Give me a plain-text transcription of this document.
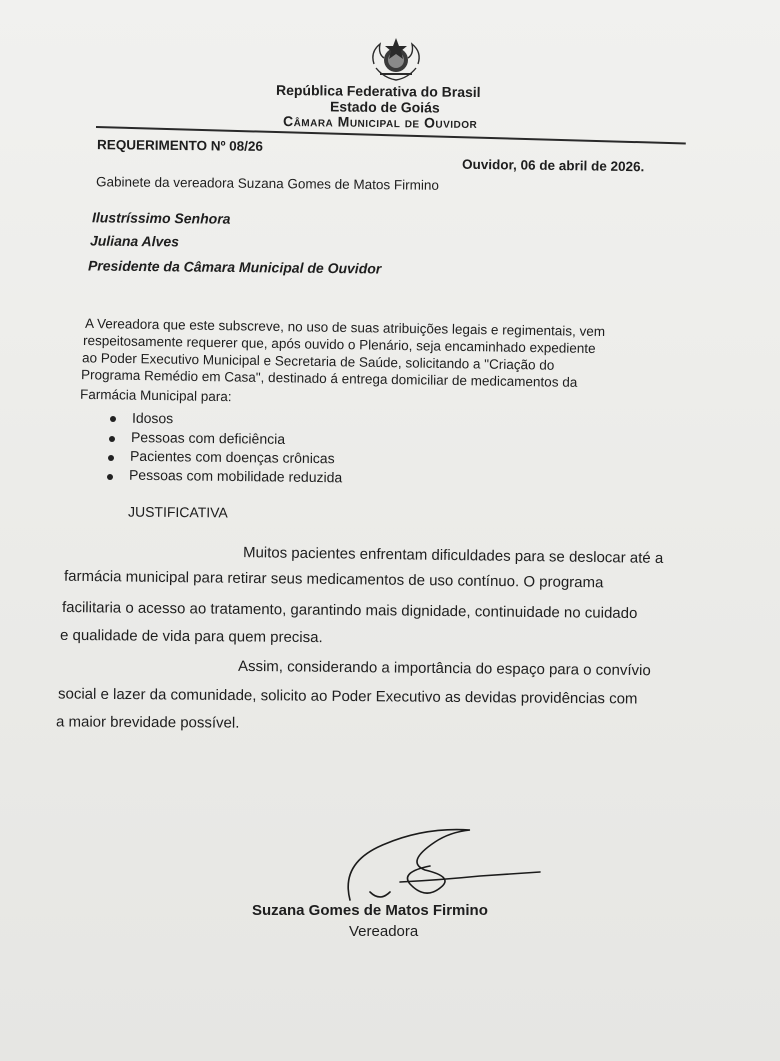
República Federativa do Brasil
Estado de Goiás
Câmara Municipal de Ouvidor
REQUERIMENTO Nº 08/26
Ouvidor, 06 de abril de 2026.
Gabinete da vereadora Suzana Gomes de Matos Firmino
Ilustríssimo Senhora
Juliana Alves
Presidente da Câmara Municipal de Ouvidor
A Vereadora que este subscreve, no uso de suas atribuições legais e regimentais, vem
respeitosamente requerer que, após ouvido o Plenário, seja encaminhado expediente
ao Poder Executivo Municipal e Secretaria de Saúde, solicitando a "Criação do
Programa Remédio em Casa", destinado á entrega domiciliar de medicamentos da
Farmácia Municipal para:
Idosos
Pessoas com deficiência
Pacientes com doenças crônicas
Pessoas com mobilidade reduzida
JUSTIFICATIVA
Muitos pacientes enfrentam dificuldades para se deslocar até a
farmácia municipal para retirar seus medicamentos de uso contínuo. O programa
facilitaria o acesso ao tratamento, garantindo mais dignidade, continuidade no cuidado
e qualidade de vida para quem precisa.
Assim, considerando a importância do espaço para o convívio
social e lazer da comunidade, solicito ao Poder Executivo as devidas providências com
a maior brevidade possível.
Suzana Gomes de Matos Firmino
Vereadora
